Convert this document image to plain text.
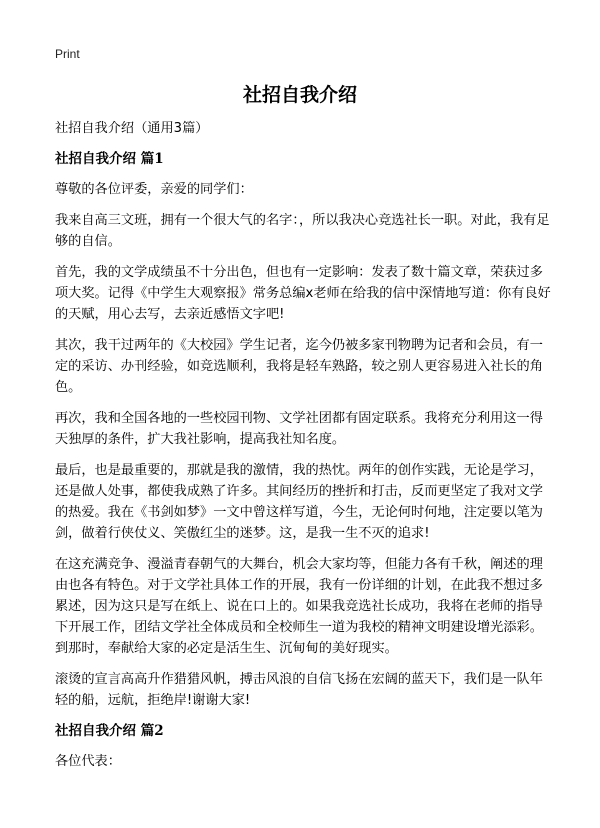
Print
社招自我介绍

社招自我介绍（通用3篇）

社招自我介绍 篇1

尊敬的各位评委，亲爱的同学们：

我来自高三文班，拥有一个很大气的名字：，所以我决心竞选社长一职。对此，我有足够的自信。

首先，我的文学成绩虽不十分出色，但也有一定影响：发表了数十篇文章，荣获过多项大奖。记得《中学生大观察报》常务总编x老师在给我的信中深情地写道：你有良好的天赋，用心去写，去亲近感悟文字吧!

其次，我干过两年的《大校园》学生记者，迄今仍被多家刊物聘为记者和会员，有一定的采访、办刊经验，如竞选顺利，我将是轻车熟路，较之别人更容易进入社长的角色。

再次，我和全国各地的一些校园刊物、文学社团都有固定联系。我将充分利用这一得天独厚的条件，扩大我社影响，提高我社知名度。

最后，也是最重要的，那就是我的激情，我的热忱。两年的创作实践，无论是学习，还是做人处事，都使我成熟了许多。其间经历的挫折和打击，反而更坚定了我对文学的热爱。我在《书剑如梦》一文中曾这样写道，今生，无论何时何地，注定要以笔为剑，做着行侠仗义、笑傲红尘的迷梦。这，是我一生不灭的追求!

在这充满竞争、漫溢青春朝气的大舞台，机会大家均等，但能力各有千秋，阐述的理由也各有特色。对于文学社具体工作的开展，我有一份详细的计划，在此我不想过多累述，因为这只是写在纸上、说在口上的。如果我竞选社长成功，我将在老师的指导下开展工作，团结文学社全体成员和全校师生一道为我校的精神文明建设增光添彩。到那时，奉献给大家的必定是活生生、沉甸甸的美好现实。

滚烫的宣言高高升作猎猎风帆，搏击风浪的自信飞扬在宏阔的蓝天下，我们是一队年轻的船，远航，拒绝岸!谢谢大家!

社招自我介绍 篇2

各位代表：
